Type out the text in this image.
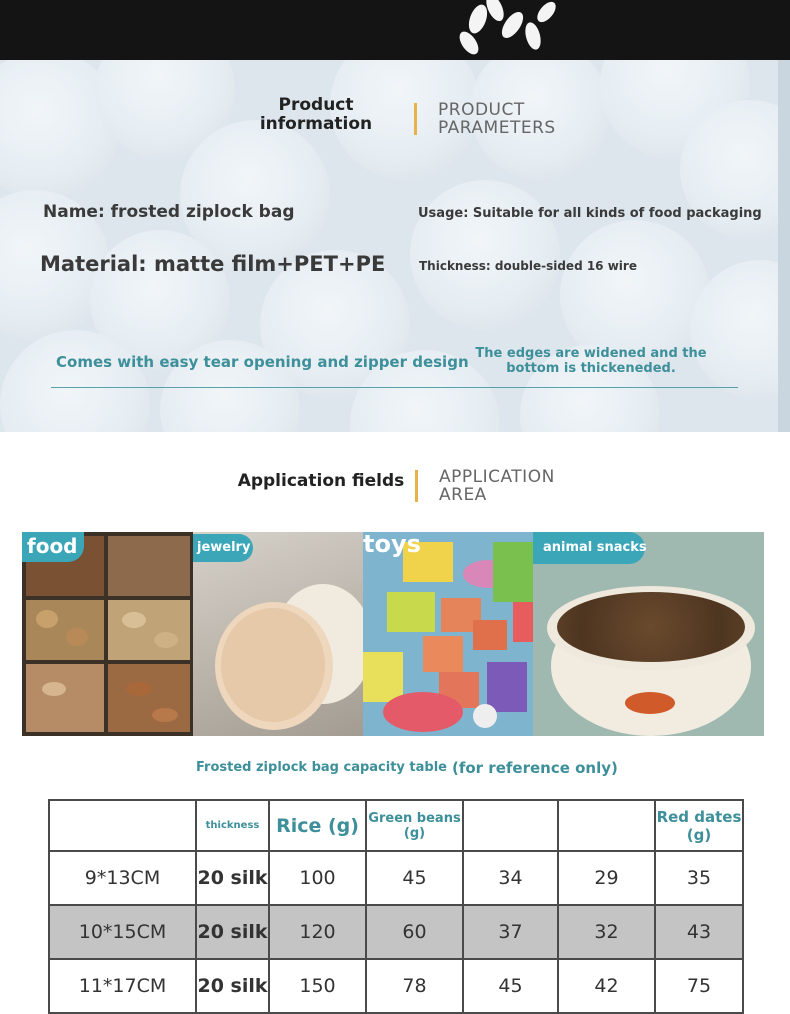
Product information
PRODUCT
PARAMETERS
Name: frosted ziplock bag	Usage: Suitable for all kinds of food packaging
Material: matte film+PET+PE	Thickness: double-sided 16 wire
Comes with easy tear opening and zipper design The edges are widened and the
bottom is thickeneded.
Application fields	APPLICATION
AREA
food	jewelry	toys	animal snacks
Frosted ziplock bag capacity table (for reference only)
	thickness	Rice (g)	Green beans (g)			Red dates (g)
9*13CM	20 silk	100	45	34	29	35
10*15CM	20 silk	120	60	37	32	43
11*17CM	20 silk	150	78	45	42	75
